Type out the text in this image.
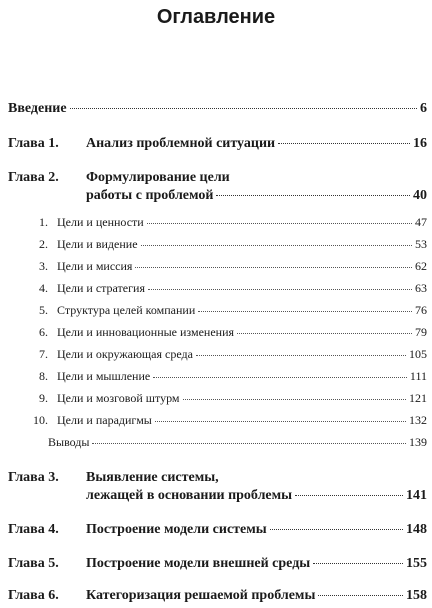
Оглавление
Введение	6
Глава 1.	Анализ проблемной ситуации	16
Глава 2.	Формулирование цели
работы с проблемой	40
1. Цели и ценности	47
2. Цели и видение	53
3. Цели и миссия	62
4. Цели и стратегия	63
5. Структура целей компании	76
6. Цели и инновационные изменения	79
7. Цели и окружающая среда	105
8. Цели и мышление	111
9. Цели и мозговой штурм	121
10. Цели и парадигмы	132
Выводы	139
Глава 3.	Выявление системы,
лежащей в основании проблемы	141
Глава 4.	Построение модели системы	148
Глава 5.	Построение модели внешней среды	155
Глава 6.	Категоризация решаемой проблемы	158
